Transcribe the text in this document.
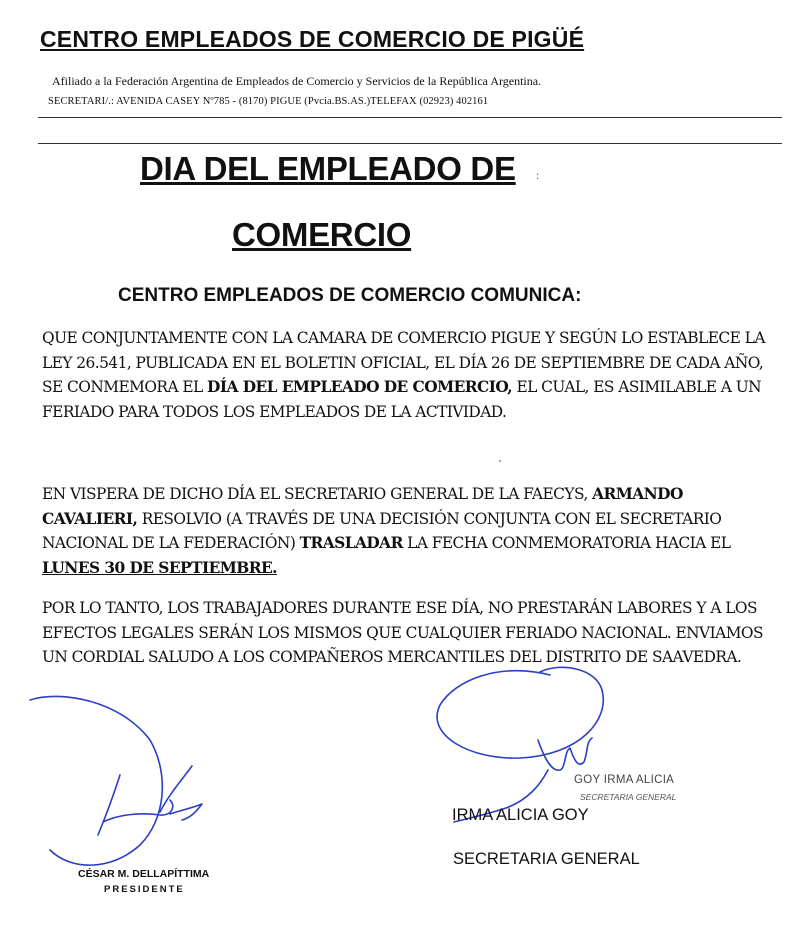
CENTRO EMPLEADOS DE COMERCIO DE PIGÜÉ
Afiliado a la Federación Argentina de Empleados de Comercio y Servicios de la República Argentina.
SECRETARI/.: AVENIDA CASEY Nº785 - (8170) PIGUE (Pvcia.BS.AS.)TELEFAX (02923) 402161
DIA DEL EMPLEADO DE :
COMERCIO
CENTRO EMPLEADOS DE COMERCIO COMUNICA:
QUE CONJUNTAMENTE CON LA CAMARA DE COMERCIO PIGUE Y SEGÚN LO ESTABLECE LA LEY 26.541, PUBLICADA EN EL BOLETIN OFICIAL, EL DÍA 26 DE SEPTIEMBRE DE CADA AÑO, SE CONMEMORA EL DÍA DEL EMPLEADO DE COMERCIO, EL CUAL, ES ASIMILABLE A UN FERIADO PARA TODOS LOS EMPLEADOS DE LA ACTIVIDAD.
EN VISPERA DE DICHO DÍA EL SECRETARIO GENERAL DE LA FAECYS, ARMANDO CAVALIERI, RESOLVIO (A TRAVÉS DE UNA DECISIÓN CONJUNTA CON EL SECRETARIO NACIONAL DE LA FEDERACIÓN) TRASLADAR LA FECHA CONMEMORATORIA HACIA EL LUNES 30 DE SEPTIEMBRE.
POR LO TANTO, LOS TRABAJADORES DURANTE ESE DÍA, NO PRESTARÁN LABORES Y A LOS EFECTOS LEGALES SERÁN LOS MISMOS QUE CUALQUIER FERIADO NACIONAL. ENVIAMOS UN CORDIAL SALUDO A LOS COMPAÑEROS MERCANTILES DEL DISTRITO DE SAAVEDRA.
GOY IRMA ALICIA
SECRETARIA GENERAL
IRMA ALICIA GOY
SECRETARIA GENERAL
CÉSAR M. DELLAPÍTTIMA
PRESIDENTE
